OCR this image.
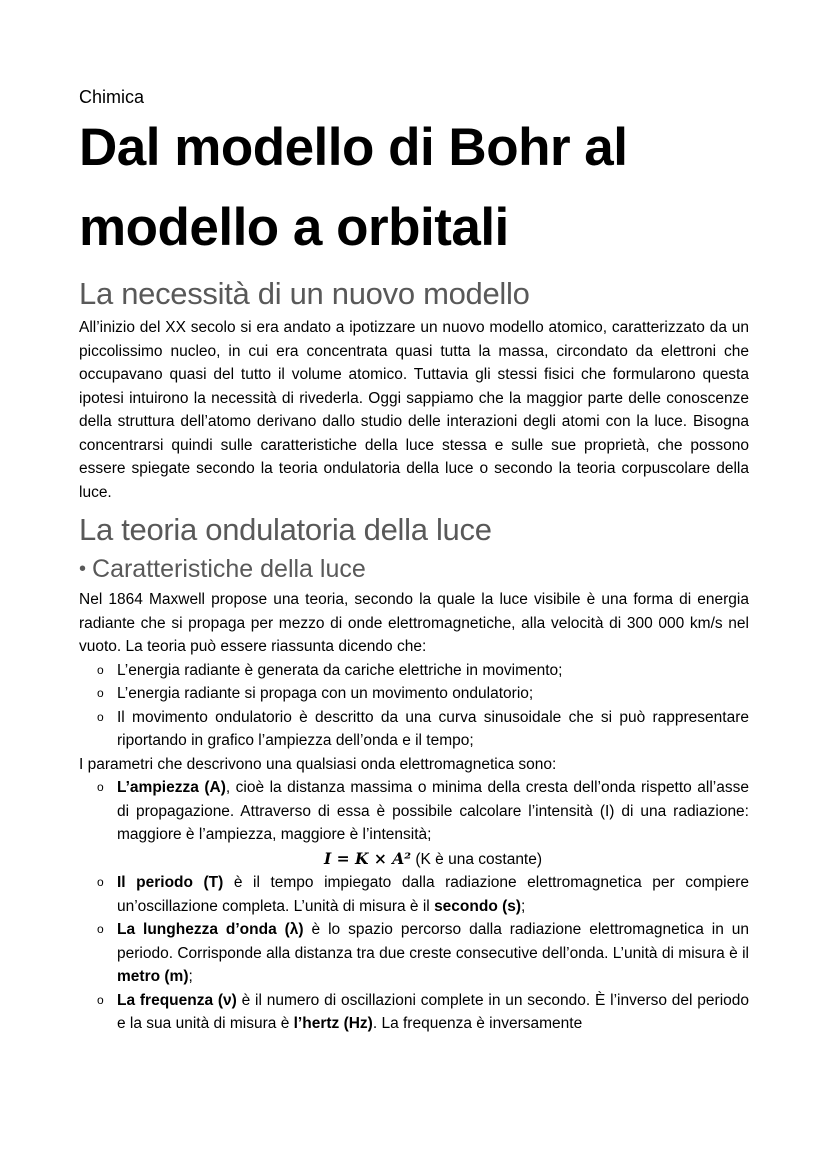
Chimica

Dal modello di Bohr al
modello a orbitali
La necessità di un nuovo modello

All’inizio del XX secolo si era andato a ipotizzare un nuovo modello atomico, caratterizzato da un piccolissimo nucleo, in cui era concentrata quasi tutta la massa, circondato da elettroni che occupavano quasi del tutto il volume atomico. Tuttavia gli stessi fisici che formularono questa ipotesi intuirono la necessità di rivederla. Oggi sappiamo che la maggior parte delle conoscenze della struttura dell’atomo derivano dallo studio delle interazioni degli atomi con la luce. Bisogna concentrarsi quindi sulle caratteristiche della luce stessa e sulle sue proprietà, che possono essere spiegate secondo la teoria ondulatoria della luce o secondo la teoria corpuscolare della luce.

La teoria ondulatoria della luce
• Caratteristiche della luce

Nel 1864 Maxwell propose una teoria, secondo la quale la luce visibile è una forma di energia radiante che si propaga per mezzo di onde elettromagnetiche, alla velocità di 300 000 km/s nel vuoto. La teoria può essere riassunta dicendo che:

o L’energia radiante è generata da cariche elettriche in movimento;
o L’energia radiante si propaga con un movimento ondulatorio;
o Il movimento ondulatorio è descritto da una curva sinusoidale che si può rappresentare riportando in grafico l’ampiezza dell’onda e il tempo;

I parametri che descrivono una qualsiasi onda elettromagnetica sono:

o L’ampiezza (A), cioè la distanza massima o minima della cresta dell’onda rispetto all’asse di propagazione. Attraverso di essa è possibile calcolare l’intensità (I) di una radiazione: maggiore è l’ampiezza, maggiore è l’intensità;
I = K × A² (K è una costante)
o Il periodo (T) è il tempo impiegato dalla radiazione elettromagnetica per compiere un’oscillazione completa. L’unità di misura è il secondo (s);
o La lunghezza d’onda (λ) è lo spazio percorso dalla radiazione elettromagnetica in un periodo. Corrisponde alla distanza tra due creste consecutive dell’onda. L’unità di misura è il metro (m);
o La frequenza (ν) è il numero di oscillazioni complete in un secondo. È l’inverso del periodo e la sua unità di misura è l’hertz (Hz). La frequenza è inversamente
